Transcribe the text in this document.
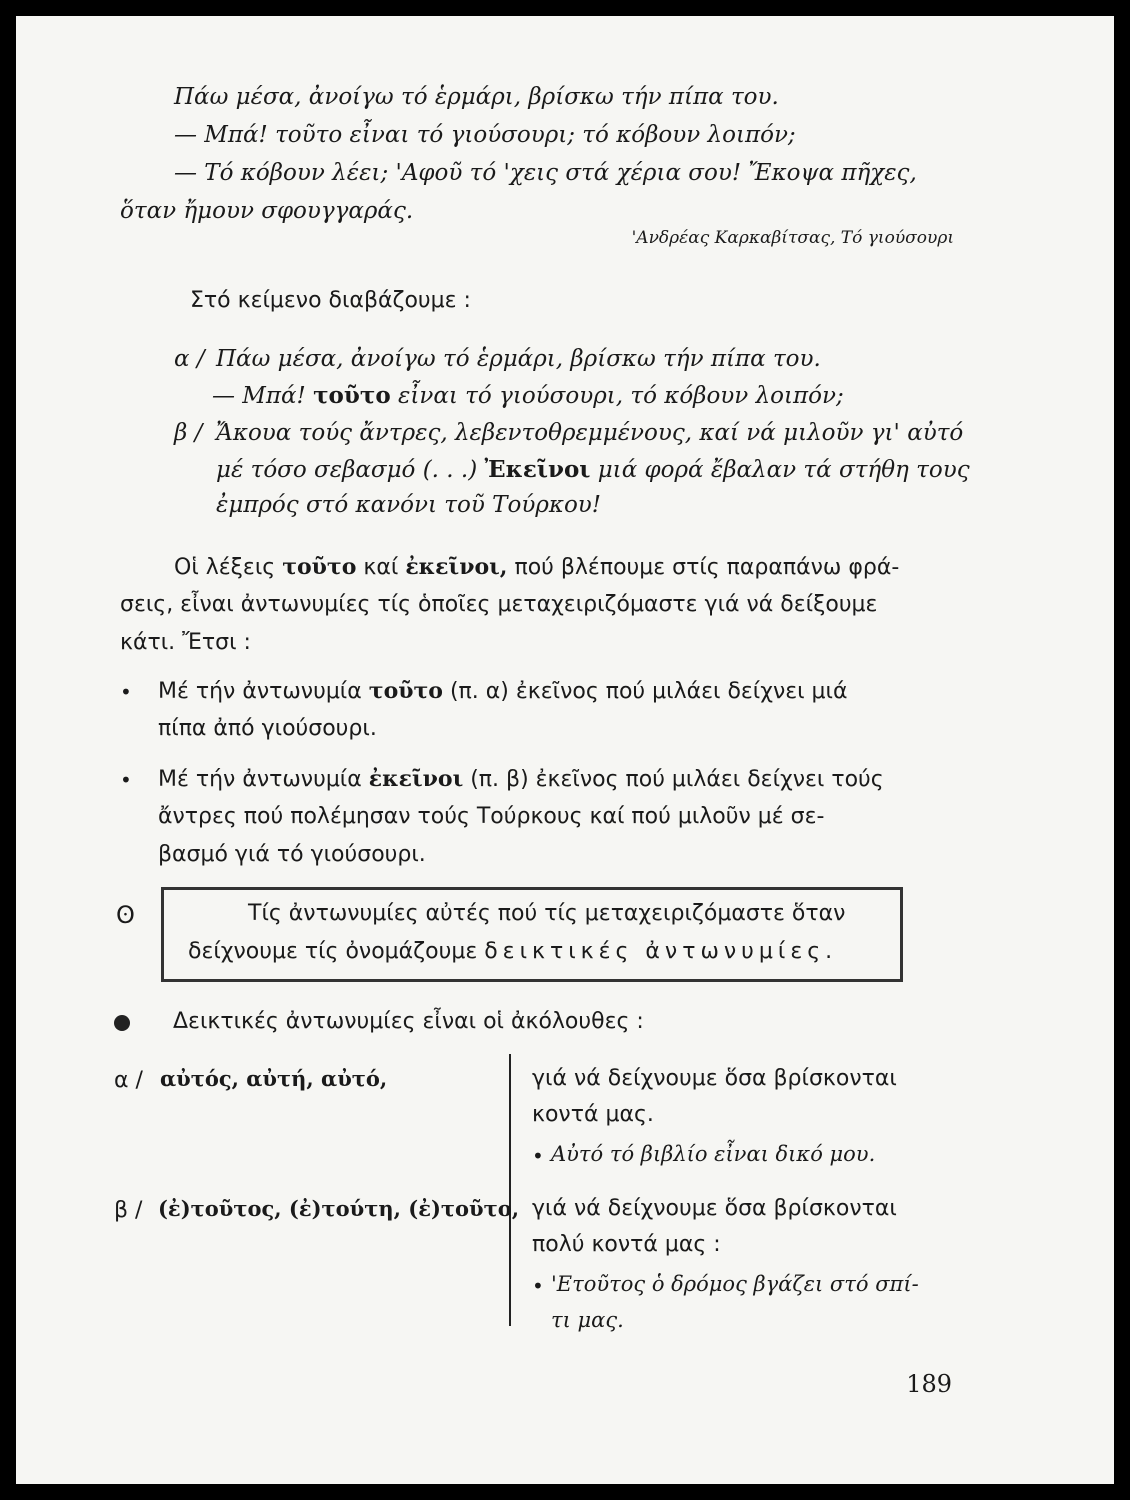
Πάω μέσα, ἀνοίγω τό ἑρμάρι, βρίσκω τήν πίπα του.
— Μπά! τοῦτο εἶναι τό γιούσουρι; τό κόβουν λοιπόν;
— Τό κόβουν λέει; 'Αφοῦ τό 'χεις στά χέρια σου! Ἔκοψα πῆχες,
ὅταν ἤμουν σφουγγαράς.
'Ανδρέας Καρκαβίτσας, Τό γιούσουρι
Στό κείμενο διαβάζουμε :
α / Πάω μέσα, ἀνοίγω τό ἑρμάρι, βρίσκω τήν πίπα του.
— Μπά! τοῦτο εἶναι τό γιούσουρι, τό κόβουν λοιπόν;
β / Ἄκουα τούς ἄντρες, λεβεντοθρεμμένους, καί νά μιλοῦν γι' αὐτό
μέ τόσο σεβασμό (. . .) Ἐκεῖνοι μιά φορά ἔβαλαν τά στήθη τους
ἐμπρός στό κανόνι τοῦ Τούρκου!
Οἱ λέξεις τοῦτο καί ἐκεῖνοι, πού βλέπουμε στίς παραπάνω φρά-
σεις, εἶναι ἀντωνυμίες τίς ὁποῖες μεταχειριζόμαστε γιά νά δείξουμε
κάτι. Ἔτσι :
• Μέ τήν ἀντωνυμία τοῦτο (π. α) ἐκεῖνος πού μιλάει δείχνει μιά
πίπα ἀπό γιούσουρι.
• Μέ τήν ἀντωνυμία ἐκεῖνοι (π. β) ἐκεῖνος πού μιλάει δείχνει τούς
ἄντρες πού πολέμησαν τούς Τούρκους καί πού μιλοῦν μέ σε-
βασμό γιά τό γιούσουρι.
ʘ	Τίς ἀντωνυμίες αὐτές πού τίς μεταχειριζόμαστε ὅταν
δείχνουμε τίς ὀνομάζουμε δεικτικές ἀντωνυμίες.
Δεικτικές ἀντωνυμίες εἶναι οἱ ἀκόλουθες :
α / αὐτός, αὐτή, αὐτό,	γιά νά δείχνουμε ὅσα βρίσκονται
κοντά μας.
• Αὐτό τό βιβλίο εἶναι δικό μου.
β / (ἐ)τοῦτος, (ἐ)τούτη, (ἐ)τοῦτο, γιά νά δείχνουμε ὅσα βρίσκονται
πολύ κοντά μας :
• 'Ετοῦτος ὁ δρόμος βγάζει στό σπί-
τι μας.
189
